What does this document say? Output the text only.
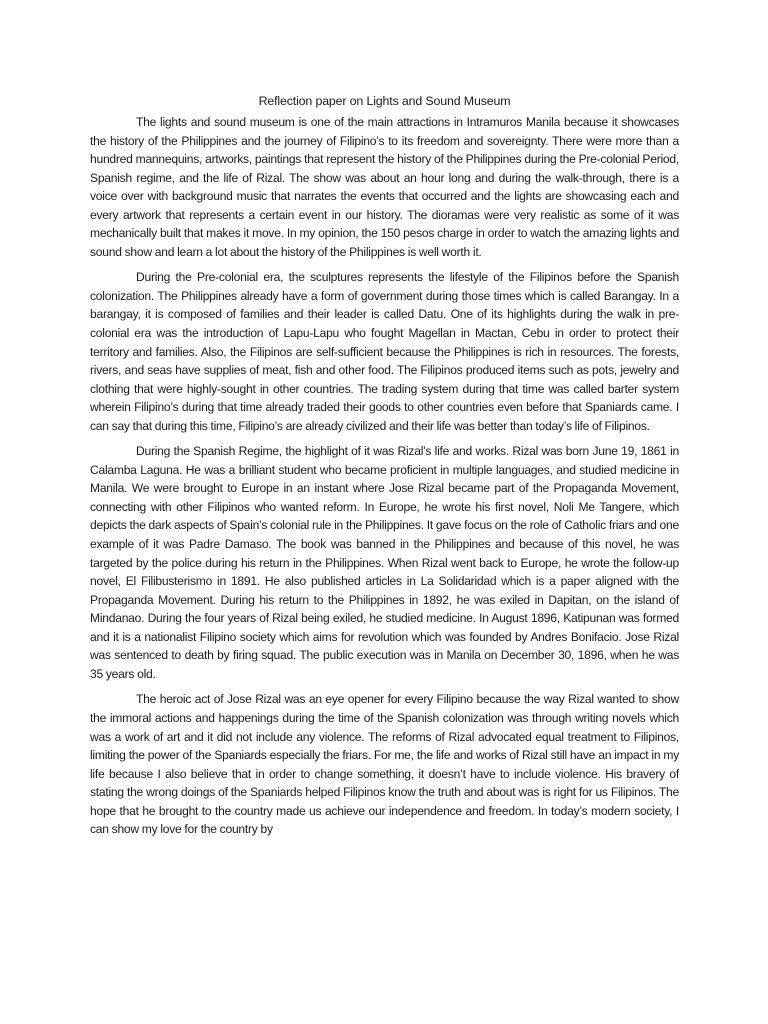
Reflection paper on Lights and Sound Museum

The lights and sound museum is one of the main attractions in Intramuros Manila because it showcases the history of the Philippines and the journey of Filipino’s to its freedom and sovereignty. There were more than a hundred mannequins, artworks, paintings that represent the history of the Philippines during the Pre-colonial Period, Spanish regime, and the life of Rizal. The show was about an hour long and during the walk-through, there is a voice over with background music that narrates the events that occurred and the lights are showcasing each and every artwork that represents a certain event in our history. The dioramas were very realistic as some of it was mechanically built that makes it move. In my opinion, the 150 pesos charge in order to watch the amazing lights and sound show and learn a lot about the history of the Philippines is well worth it.

During the Pre-colonial era, the sculptures represents the lifestyle of the Filipinos before the Spanish colonization. The Philippines already have a form of government during those times which is called Barangay. In a barangay, it is composed of families and their leader is called Datu. One of its highlights during the walk in pre-colonial era was the introduction of Lapu-Lapu who fought Magellan in Mactan, Cebu in order to protect their territory and families. Also, the Filipinos are self-sufficient because the Philippines is rich in resources. The forests, rivers, and seas have supplies of meat, fish and other food. The Filipinos produced items such as pots, jewelry and clothing that were highly-sought in other countries. The trading system during that time was called barter system wherein Filipino’s during that time already traded their goods to other countries even before that Spaniards came. I can say that during this time, Filipino’s are already civilized and their life was better than today’s life of Filipinos.

During the Spanish Regime, the highlight of it was Rizal’s life and works. Rizal was born June 19, 1861 in Calamba Laguna. He was a brilliant student who became proficient in multiple languages, and studied medicine in Manila. We were brought to Europe in an instant where Jose Rizal became part of the Propaganda Movement, connecting with other Filipinos who wanted reform. In Europe, he wrote his first novel, Noli Me Tangere, which depicts the dark aspects of Spain’s colonial rule in the Philippines. It gave focus on the role of Catholic friars and one example of it was Padre Damaso. The book was banned in the Philippines and because of this novel, he was targeted by the police during his return in the Philippines. When Rizal went back to Europe, he wrote the follow-up novel, El Filibusterismo in 1891. He also published articles in La Solidaridad which is a paper aligned with the Propaganda Movement. During his return to the Philippines in 1892, he was exiled in Dapitan, on the island of Mindanao. During the four years of Rizal being exiled, he studied medicine. In August 1896, Katipunan was formed and it is a nationalist Filipino society which aims for revolution which was founded by Andres Bonifacio. Jose Rizal was sentenced to death by firing squad. The public execution was in Manila on December 30, 1896, when he was 35 years old.

The heroic act of Jose Rizal was an eye opener for every Filipino because the way Rizal wanted to show the immoral actions and happenings during the time of the Spanish colonization was through writing novels which was a work of art and it did not include any violence. The reforms of Rizal advocated equal treatment to Filipinos, limiting the power of the Spaniards especially the friars. For me, the life and works of Rizal still have an impact in my life because I also believe that in order to change something, it doesn’t have to include violence. His bravery of stating the wrong doings of the Spaniards helped Filipinos know the truth and about was is right for us Filipinos. The hope that he brought to the country made us achieve our independence and freedom. In today’s modern society, I can show my love for the country by
